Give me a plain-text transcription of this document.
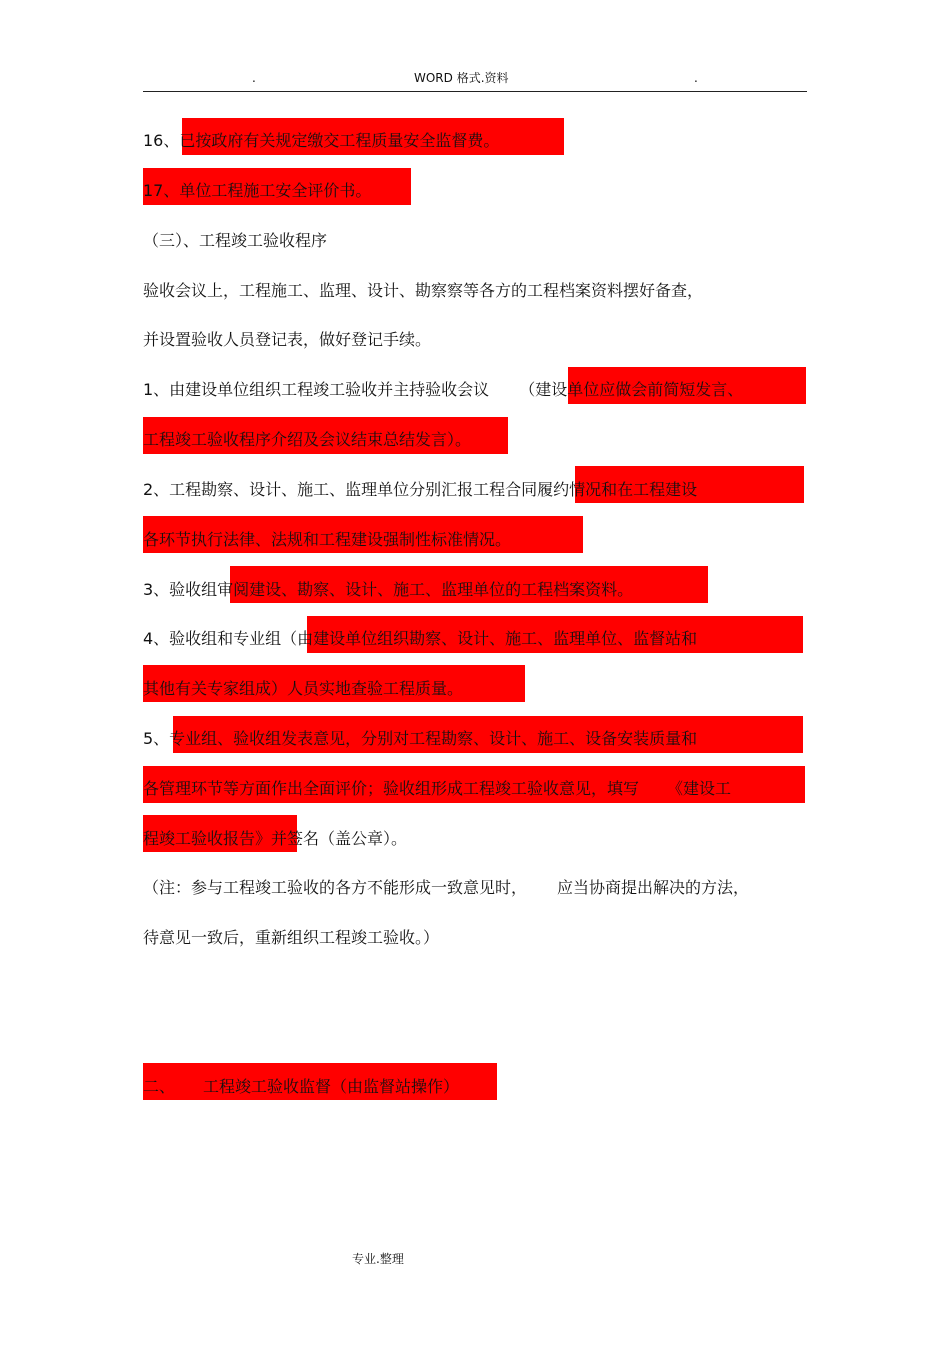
.	WORD 格式.资料	.
16、已按政府有关规定缴交工程质量安全监督费。
17、单位工程施工安全评价书。
（三）、工程竣工验收程序
验收会议上，工程施工、监理、设计、勘察察等各方的工程档案资料摆好备查，
并设置验收人员登记表，做好登记手续。
1、由建设单位组织工程竣工验收并主持验收会议 （建设单位应做会前简短发言、
工程竣工验收程序介绍及会议结束总结发言）。
2、工程勘察、设计、施工、监理单位分别汇报工程合同履约情况和在工程建设
各环节执行法律、法规和工程建设强制性标准情况。
3、验收组审阅建设、勘察、设计、施工、监理单位的工程档案资料。
4、验收组和专业组（由建设单位组织勘察、设计、施工、监理单位、监督站和
其他有关专家组成）人员实地查验工程质量。
5、专业组、验收组发表意见，分别对工程勘察、设计、施工、设备安装质量和
各管理环节等方面作出全面评价；验收组形成工程竣工验收意见，填写 《建设工
程竣工验收报告》并签名（盖公章）。
（注：参与工程竣工验收的各方不能形成一致意见时， 应当协商提出解决的方法，
待意见一致后，重新组织工程竣工验收。）
二、 工程竣工验收监督（由监督站操作）
专业.整理
